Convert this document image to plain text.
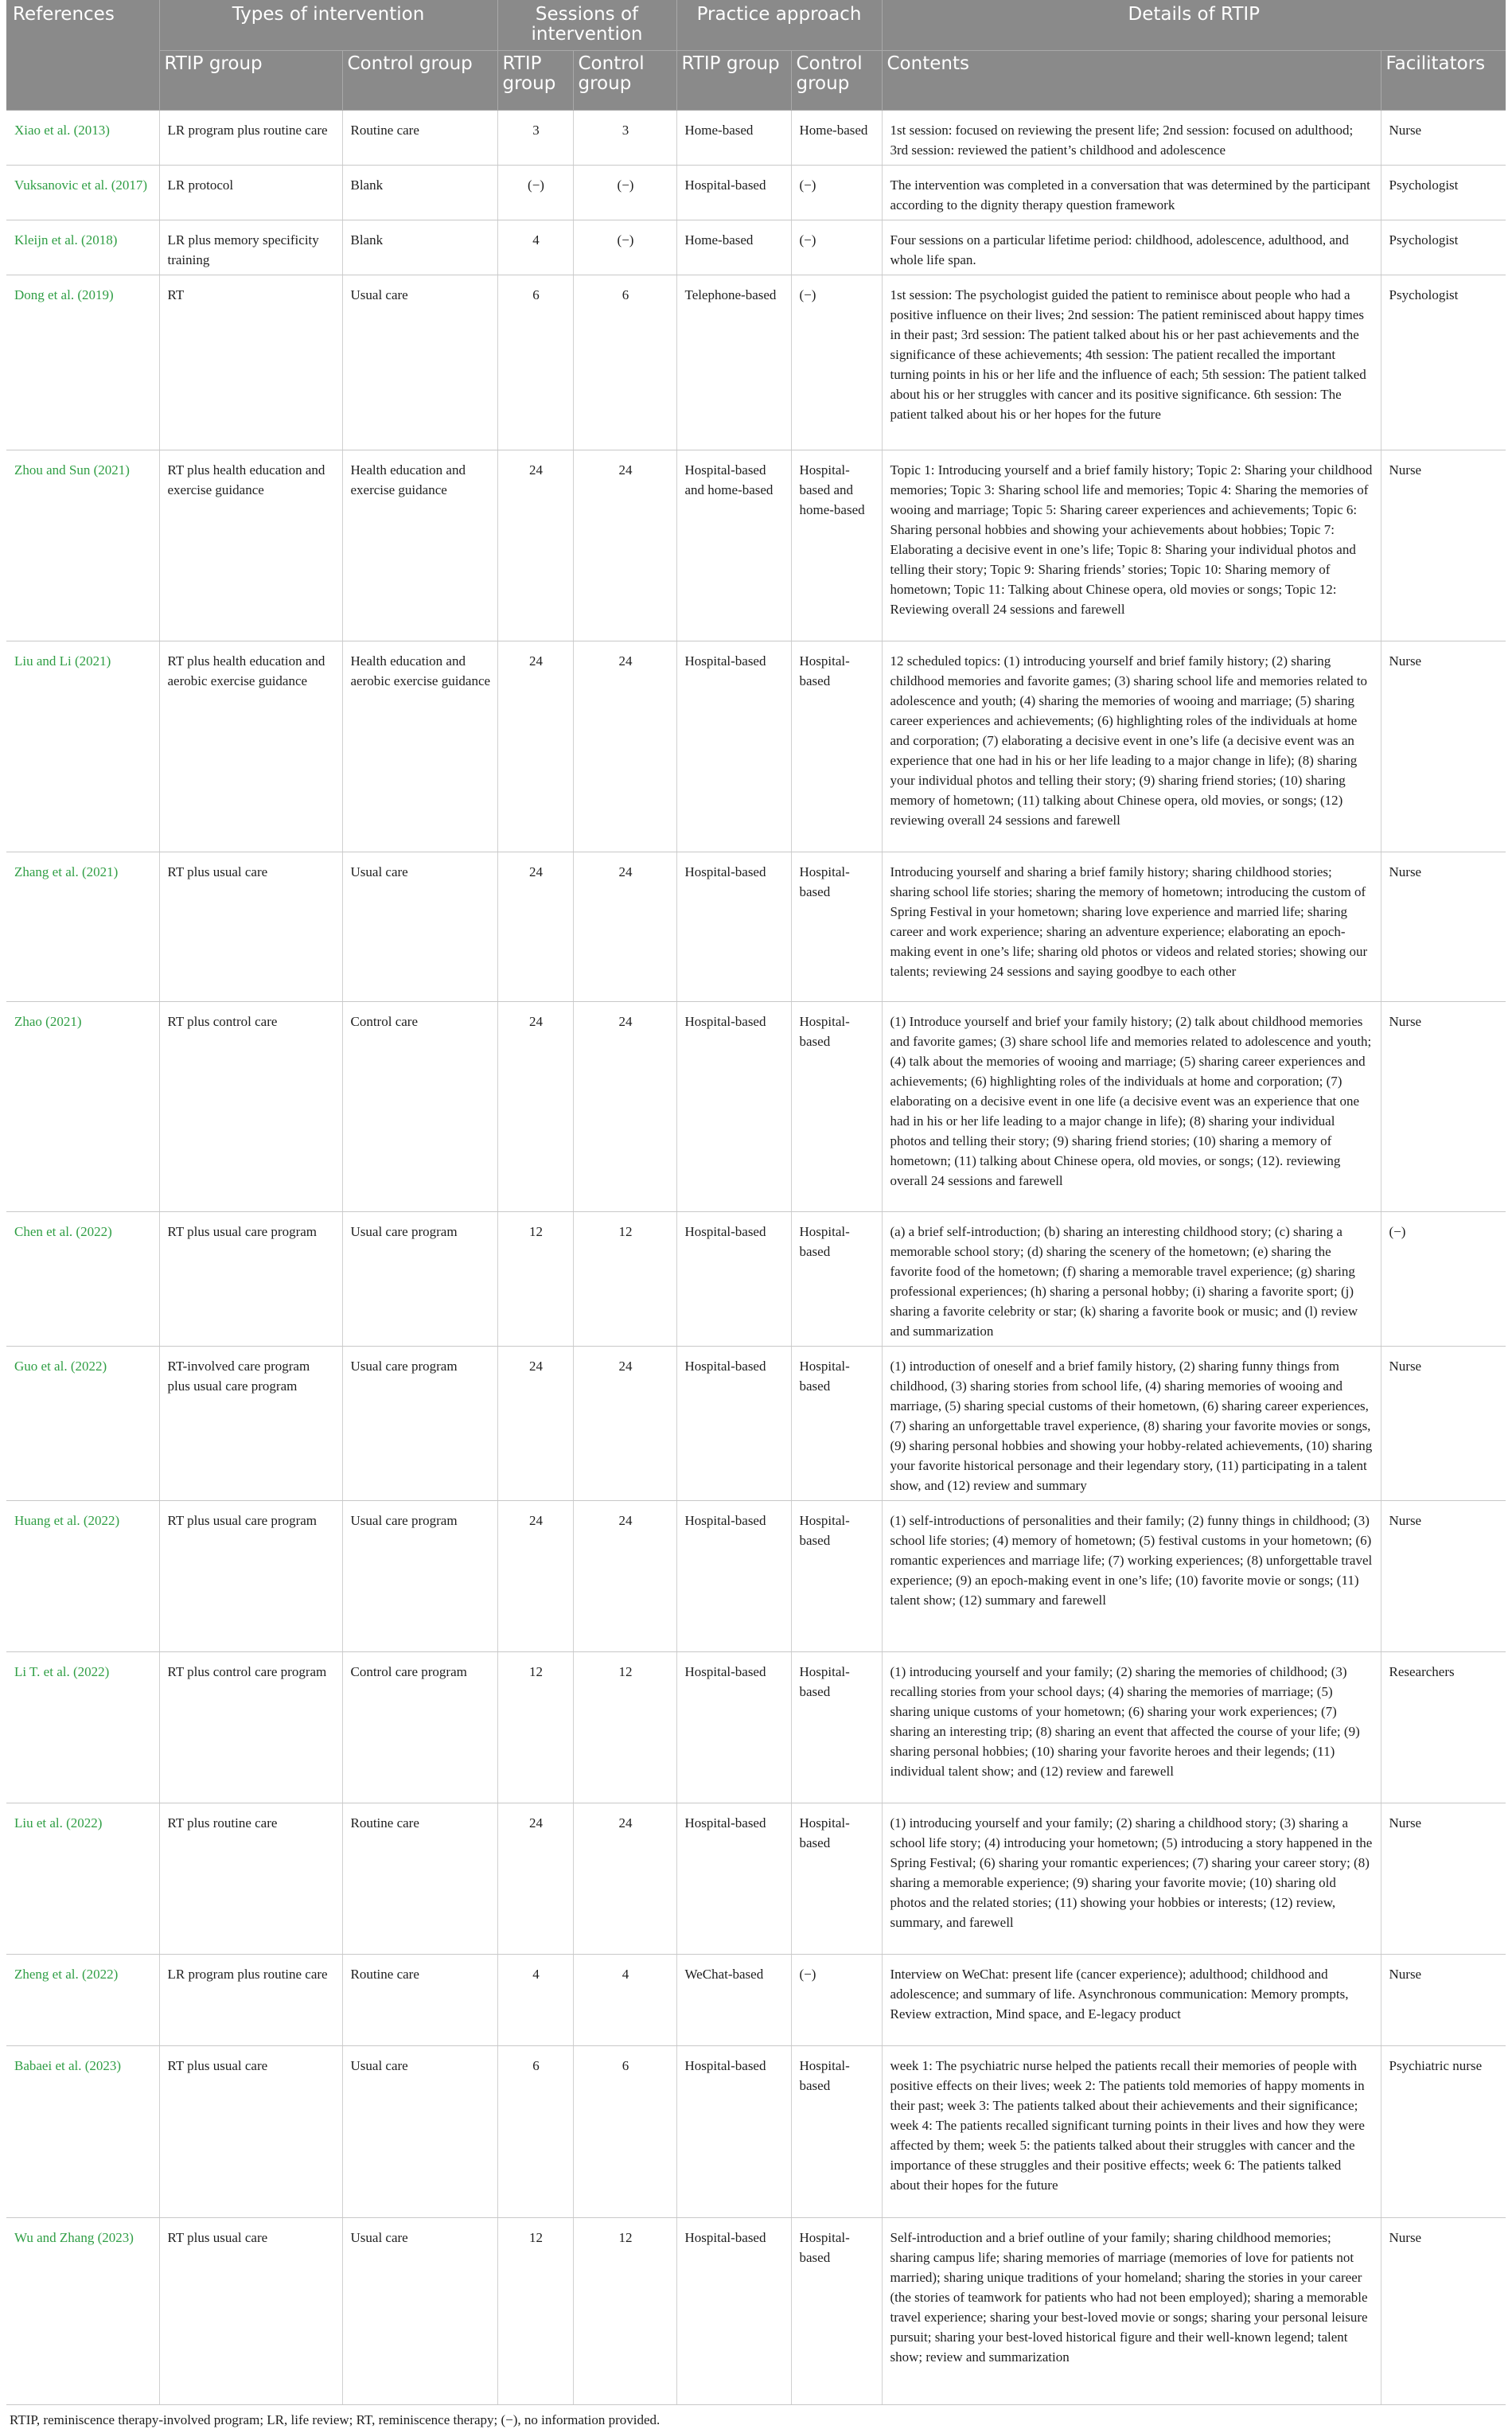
References	Types of intervention		Sessions of intervention		Practice approach		Details of RTIP	
	RTIP group	Control group	RTIP group	Control group	RTIP group	Control group	Contents	Facilitators
Xiao et al. (2013)	LR program plus routine care	Routine care	3	3	Home-based	Home-based	1st session: focused on reviewing the present life; 2nd session: focused on adulthood; 3rd session: reviewed the patient’s childhood and adolescence	Nurse
Vuksanovic et al. (2017)	LR protocol	Blank	(−)	(−)	Hospital-based	(−)	The intervention was completed in a conversation that was determined by the participant according to the dignity therapy question framework	Psychologist
Kleijn et al. (2018)	LR plus memory specificity training	Blank	4	(−)	Home-based	(−)	Four sessions on a particular lifetime period: childhood, adolescence, adulthood, and whole life span.	Psychologist
Dong et al. (2019)	RT	Usual care	6	6	Telephone-based	(−)	1st session: The psychologist guided the patient to reminisce about people who had a positive influence on their lives; 2nd session: The patient reminisced about happy times in their past; 3rd session: The patient talked about his or her past achievements and the significance of these achievements; 4th session: The patient recalled the important turning points in his or her life and the influence of each; 5th session: The patient talked about his or her struggles with cancer and its positive significance. 6th session: The patient talked about his or her hopes for the future	Psychologist
Zhou and Sun (2021)	RT plus health education and exercise guidance	Health education and exercise guidance	24	24	Hospital-based and home-based	Hospital-based and home-based	Topic 1: Introducing yourself and a brief family history; Topic 2: Sharing your childhood memories; Topic 3: Sharing school life and memories; Topic 4: Sharing the memories of wooing and marriage; Topic 5: Sharing career experiences and achievements; Topic 6: Sharing personal hobbies and showing your achievements about hobbies; Topic 7: Elaborating a decisive event in one’s life; Topic 8: Sharing your individual photos and telling their story; Topic 9: Sharing friends’ stories; Topic 10: Sharing memory of hometown; Topic 11: Talking about Chinese opera, old movies or songs; Topic 12: Reviewing overall 24 sessions and farewell	Nurse
Liu and Li (2021)	RT plus health education and aerobic exercise guidance	Health education and aerobic exercise guidance	24	24	Hospital-based	Hospital-based	12 scheduled topics: (1) introducing yourself and brief family history; (2) sharing childhood memories and favorite games; (3) sharing school life and memories related to adolescence and youth; (4) sharing the memories of wooing and marriage; (5) sharing career experiences and achievements; (6) highlighting roles of the individuals at home and corporation; (7) elaborating a decisive event in one’s life (a decisive event was an experience that one had in his or her life leading to a major change in life); (8) sharing your individual photos and telling their story; (9) sharing friend stories; (10) sharing memory of hometown; (11) talking about Chinese opera, old movies, or songs; (12) reviewing overall 24 sessions and farewell	Nurse
Zhang et al. (2021)	RT plus usual care	Usual care	24	24	Hospital-based	Hospital-based	Introducing yourself and sharing a brief family history; sharing childhood stories; sharing school life stories; sharing the memory of hometown; introducing the custom of Spring Festival in your hometown; sharing love experience and married life; sharing career and work experience; sharing an adventure experience; elaborating an epoch-making event in one’s life; sharing old photos or videos and related stories; showing our talents; reviewing 24 sessions and saying goodbye to each other	Nurse
Zhao (2021)	RT plus control care	Control care	24	24	Hospital-based	Hospital-based	(1) Introduce yourself and brief your family history; (2) talk about childhood memories and favorite games; (3) share school life and memories related to adolescence and youth; (4) talk about the memories of wooing and marriage; (5) sharing career experiences and achievements; (6) highlighting roles of the individuals at home and corporation; (7) elaborating on a decisive event in one life (a decisive event was an experience that one had in his or her life leading to a major change in life); (8) sharing your individual photos and telling their story; (9) sharing friend stories; (10) sharing a memory of hometown; (11) talking about Chinese opera, old movies, or songs; (12). reviewing overall 24 sessions and farewell	Nurse
Chen et al. (2022)	RT plus usual care program	Usual care program	12	12	Hospital-based	Hospital-based	(a) a brief self-introduction; (b) sharing an interesting childhood story; (c) sharing a memorable school story; (d) sharing the scenery of the hometown; (e) sharing the favorite food of the hometown; (f) sharing a memorable travel experience; (g) sharing professional experiences; (h) sharing a personal hobby; (i) sharing a favorite sport; (j) sharing a favorite celebrity or star; (k) sharing a favorite book or music; and (l) review and summarization	(−)
Guo et al. (2022)	RT-involved care program plus usual care program	Usual care program	24	24	Hospital-based	Hospital-based	(1) introduction of oneself and a brief family history, (2) sharing funny things from childhood, (3) sharing stories from school life, (4) sharing memories of wooing and marriage, (5) sharing special customs of their hometown, (6) sharing career experiences, (7) sharing an unforgettable travel experience, (8) sharing your favorite movies or songs, (9) sharing personal hobbies and showing your hobby-related achievements, (10) sharing your favorite historical personage and their legendary story, (11) participating in a talent show, and (12) review and summary	Nurse
Huang et al. (2022)	RT plus usual care program	Usual care program	24	24	Hospital-based	Hospital-based	(1) self-introductions of personalities and their family; (2) funny things in childhood; (3) school life stories; (4) memory of hometown; (5) festival customs in your hometown; (6) romantic experiences and marriage life; (7) working experiences; (8) unforgettable travel experience; (9) an epoch-making event in one’s life; (10) favorite movie or songs; (11) talent show; (12) summary and farewell	Nurse
Li T. et al. (2022)	RT plus control care program	Control care program	12	12	Hospital-based	Hospital-based	(1) introducing yourself and your family; (2) sharing the memories of childhood; (3) recalling stories from your school days; (4) sharing the memories of marriage; (5) sharing unique customs of your hometown; (6) sharing your work experiences; (7) sharing an interesting trip; (8) sharing an event that affected the course of your life; (9) sharing personal hobbies; (10) sharing your favorite heroes and their legends; (11) individual talent show; and (12) review and farewell	Researchers
Liu et al. (2022)	RT plus routine care	Routine care	24	24	Hospital-based	Hospital-based	(1) introducing yourself and your family; (2) sharing a childhood story; (3) sharing a school life story; (4) introducing your hometown; (5) introducing a story happened in the Spring Festival; (6) sharing your romantic experiences; (7) sharing your career story; (8) sharing a memorable experience; (9) sharing your favorite movie; (10) sharing old photos and the related stories; (11) showing your hobbies or interests; (12) review, summary, and farewell	Nurse
Zheng et al. (2022)	LR program plus routine care	Routine care	4	4	WeChat-based	(−)	Interview on WeChat: present life (cancer experience); adulthood; childhood and adolescence; and summary of life. Asynchronous communication: Memory prompts, Review extraction, Mind space, and E-legacy product	Nurse
Babaei et al. (2023)	RT plus usual care	Usual care	6	6	Hospital-based	Hospital-based	week 1: The psychiatric nurse helped the patients recall their memories of people with positive effects on their lives; week 2: The patients told memories of happy moments in their past; week 3: The patients talked about their achievements and their significance; week 4: The patients recalled significant turning points in their lives and how they were affected by them; week 5: the patients talked about their struggles with cancer and the importance of these struggles and their positive effects; week 6: The patients talked about their hopes for the future	Psychiatric nurse
Wu and Zhang (2023)	RT plus usual care	Usual care	12	12	Hospital-based	Hospital-based	Self-introduction and a brief outline of your family; sharing childhood memories; sharing campus life; sharing memories of marriage (memories of love for patients not married); sharing unique traditions of your homeland; sharing the stories in your career (the stories of teamwork for patients who had not been employed); sharing a memorable travel experience; sharing your best-loved movie or songs; sharing your personal leisure pursuit; sharing your best-loved historical figure and their well-known legend; talent show; review and summarization	Nurse
RTIP, reminiscence therapy-involved program; LR, life review; RT, reminiscence therapy; (−), no information provided.
